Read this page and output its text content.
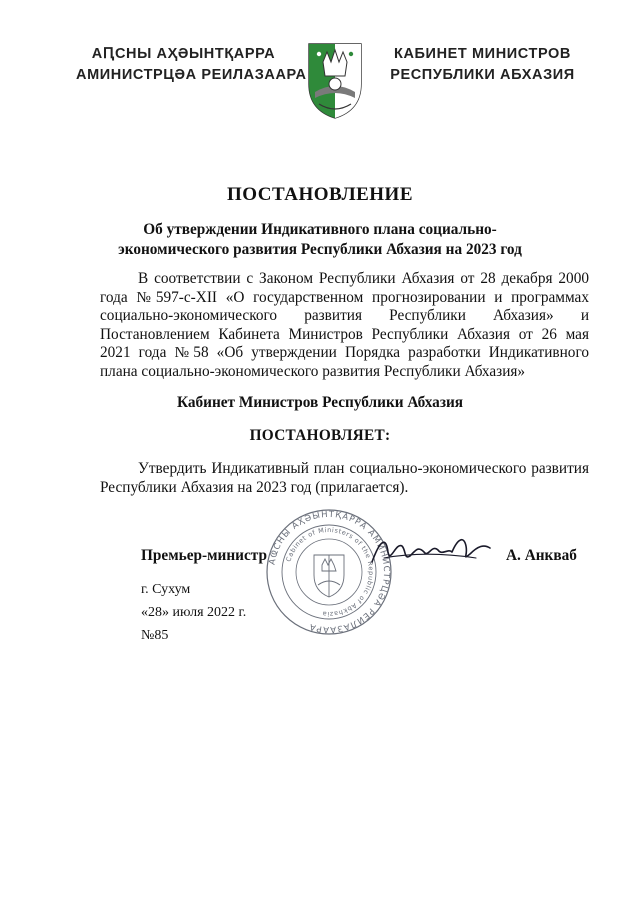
АԤСНЫ АҲӘЫНТҚАРРА
АМИНИСТРЦӘА РЕИЛАЗААРА
КАБИНЕТ МИНИСТРОВ
РЕСПУБЛИКИ АБХАЗИЯ
ПОСТАНОВЛЕНИЕ
Об утверждении Индикативного плана социально-экономического развития Республики Абхазия на 2023 год
В соответствии с Законом Республики Абхазия от 28 декабря 2000 года №597-с-XII «О государственном прогнозировании и программах социально-экономического развития Республики Абхазия» и Постановлением Кабинета Министров Республики Абхазия от 26 мая 2021 года №58 «Об утверждении Порядка разработки Индикативного плана социально-экономического развития Республики Абхазия»
Кабинет Министров Республики Абхазия
ПОСТАНОВЛЯЕТ:
Утвердить Индикативный план социально-экономического развития Республики Абхазия на 2023 год (прилагается).
АҨСНЫ АҲӘЫНТҚАРРА АМИНИСТРЦӘА РЕИЛАЗААРА
Cabinet of Ministers of the Republic of Abkhazia
Премьер-министр	А. Анкваб
г. Сухум
«28» июля 2022 г.
№85
